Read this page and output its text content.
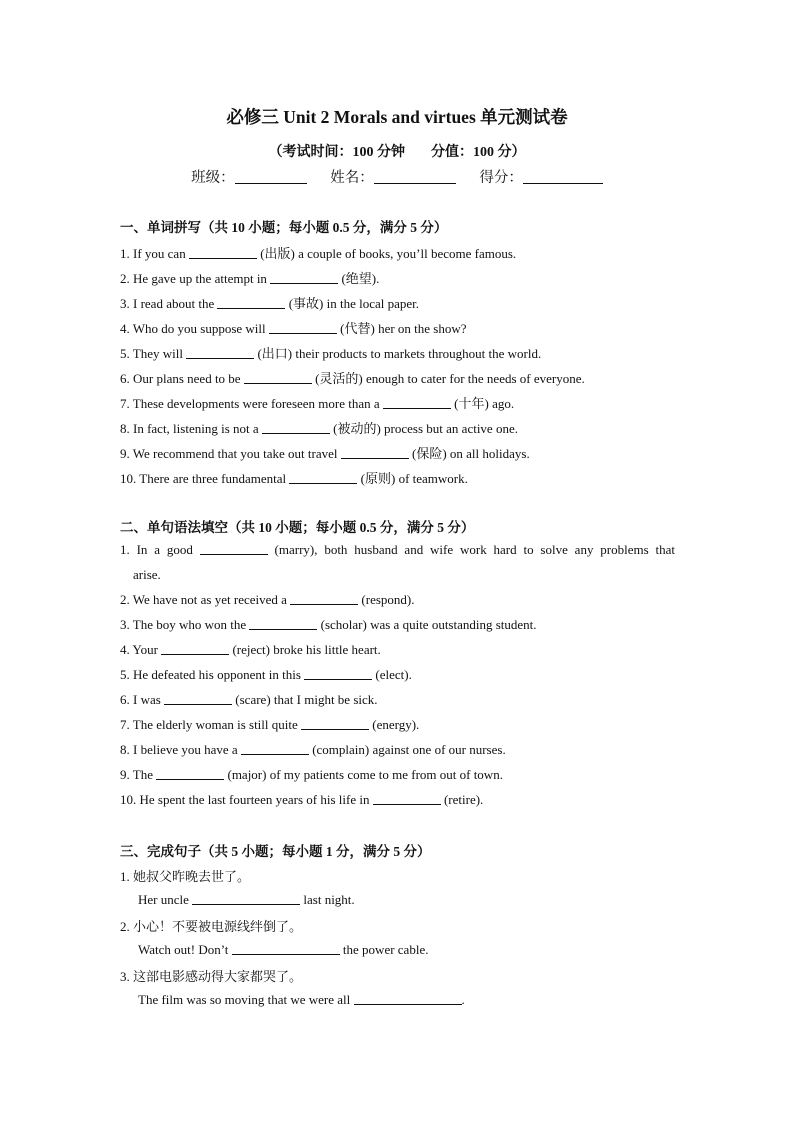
必修三 Unit 2 Morals and virtues 单元测试卷
（考试时间：100 分钟 分值：100 分）
班级：	姓名：	得分：
一、单词拼写（共 10 小题；每小题 0.5 分，满分 5 分）
1. If you can	(出版) a couple of books, you’ll become famous.
2. He gave up the attempt in	(绝望).
3. I read about the	(事故) in the local paper.
4. Who do you suppose will	(代替) her on the show?
5. They will	(出口) their products to markets throughout the world.
6. Our plans need to be	(灵活的) enough to cater for the needs of everyone.
7. These developments were foreseen more than a	(十年) ago.
8. In fact, listening is not a	(被动的) process but an active one.
9. We recommend that you take out travel	(保险) on all holidays.
10. There are three fundamental	(原则) of teamwork.
二、单句语法填空（共 10 小题；每小题 0.5 分，满分 5 分）
1. In a good	(marry), both husband and wife work hard to solve any problems that
arise.
2. We have not as yet received a	(respond).
3. The boy who won the	(scholar) was a quite outstanding student.
4. Your	(reject) broke his little heart.
5. He defeated his opponent in this	(elect).
6. I was	(scare) that I might be sick.
7. The elderly woman is still quite	(energy).
8. I believe you have a	(complain) against one of our nurses.
9. The	(major) of my patients come to me from out of town.
10. He spent the last fourteen years of his life in	(retire).
三、完成句子（共 5 小题；每小题 1 分，满分 5 分）
1. 她叔父昨晚去世了。
Her uncle	last night.
2. 小心！不要被电源线绊倒了。
Watch out! Don’t	the power cable.
3. 这部电影感动得大家都哭了。
The film was so moving that we were all	.
